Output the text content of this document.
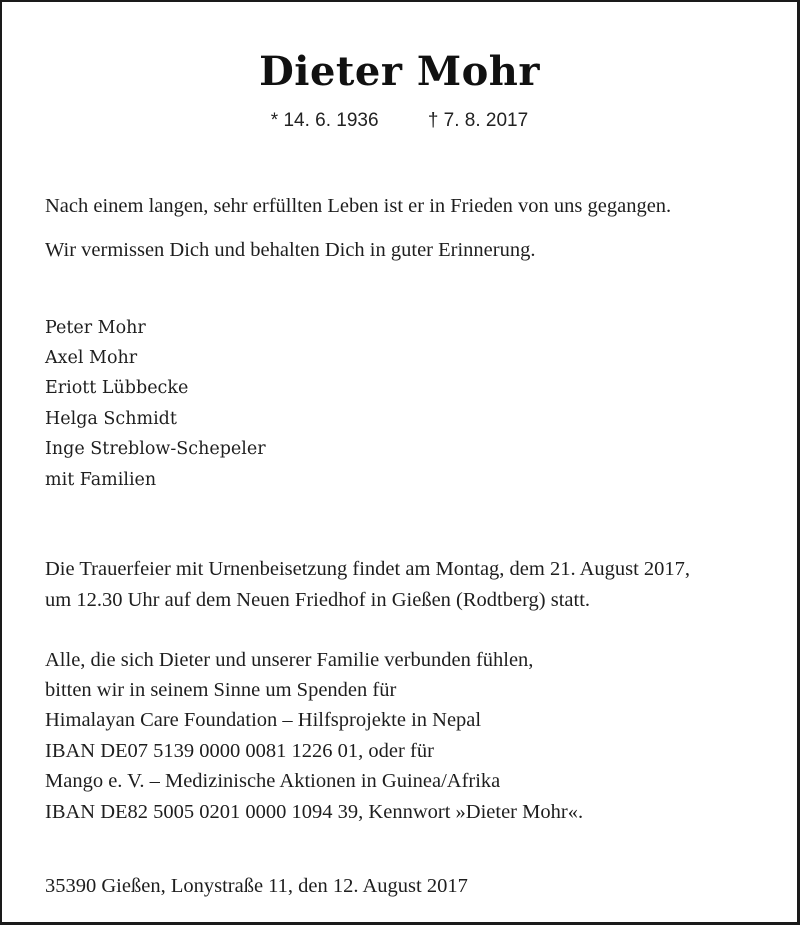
Dieter Mohr
* 14. 6. 1936	† 7. 8. 2017
Nach einem langen, sehr erfüllten Leben ist er in Frieden von uns gegangen.
Wir vermissen Dich und behalten Dich in guter Erinnerung.
Peter Mohr
Axel Mohr
Eriott Lübbecke
Helga Schmidt
Inge Streblow-Schepeler
mit Familien
Die Trauerfeier mit Urnenbeisetzung findet am Montag, dem 21. August 2017,
um 12.30 Uhr auf dem Neuen Friedhof in Gießen (Rodtberg) statt.
Alle, die sich Dieter und unserer Familie verbunden fühlen,
bitten wir in seinem Sinne um Spenden für
Himalayan Care Foundation – Hilfsprojekte in Nepal
IBAN DE07 5139 0000 0081 1226 01, oder für
Mango e. V. – Medizinische Aktionen in Guinea/Afrika
IBAN DE82 5005 0201 0000 1094 39, Kennwort »Dieter Mohr«.
35390 Gießen, Lonystraße 11, den 12. August 2017
